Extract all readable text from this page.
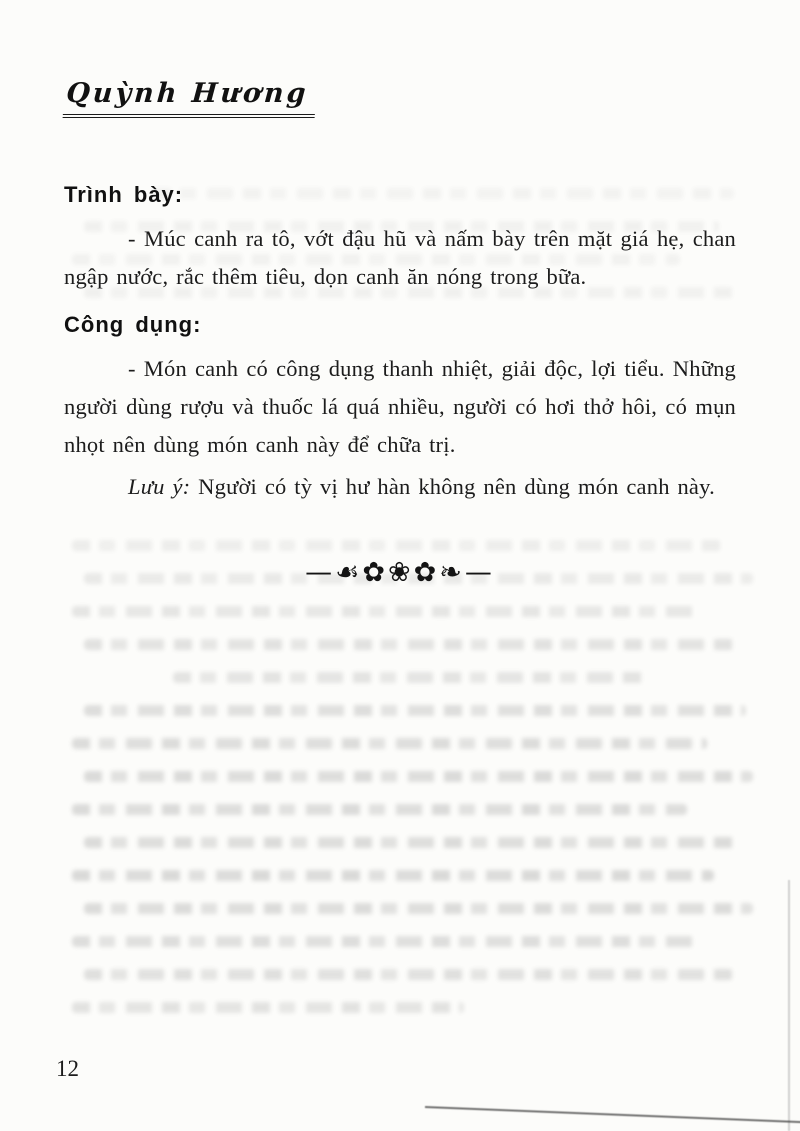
Quỳnh Hương
Trình bày:

- Múc canh ra tô, vớt đậu hũ và nấm bày trên mặt giá hẹ, chan ngập nước, rắc thêm tiêu, dọn canh ăn nóng trong bữa.

Công dụng:

- Món canh có công dụng thanh nhiệt, giải độc, lợi tiểu. Những người dùng rượu và thuốc lá quá nhiều, người có hơi thở hôi, có mụn nhọt nên dùng món canh này để chữa trị.

Lưu ý: Người có tỳ vị hư hàn không nên dùng món canh này.

—☙✿❀✿❧—
12
